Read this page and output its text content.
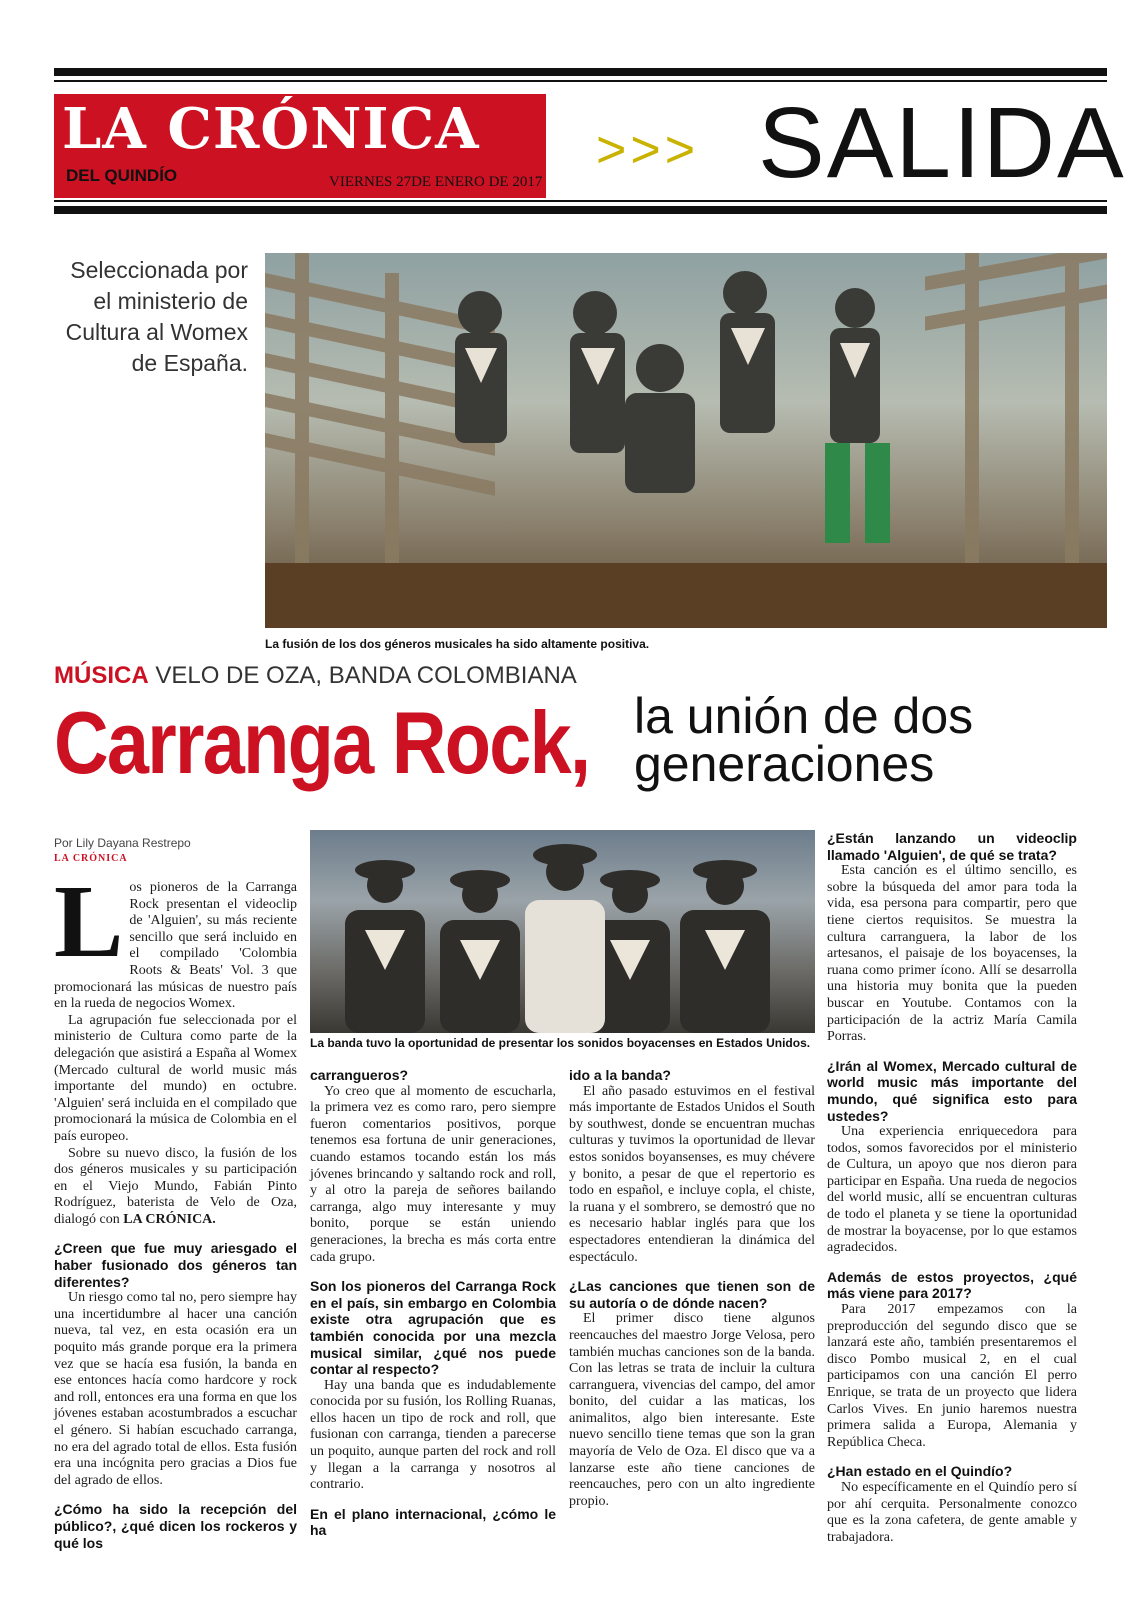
LA CRÓNICA
DEL QUINDÍO	VIERNES 27DE ENERO DE 2017
>>> SALIDA
Seleccionada por el ministerio de Cultura al Womex de España.
La fusión de los dos géneros musicales ha sido altamente positiva.
MÚSICA VELO DE OZA, BANDA COLOMBIANA
Carranga Rock, la unión de dos
generaciones
Por Lily Dayana Restrepo
LA CRÓNICA

Los pioneros de la Carranga Rock presentan el videoclip de 'Alguien', su más reciente sencillo que será incluido en el compilado 'Colombia Roots & Beats' Vol. 3 que promocionará las músicas de nuestro país en la rueda de negocios Womex.

La agrupación fue seleccionada por el ministerio de Cultura como parte de la delegación que asistirá a España al Womex (Mercado cultural de world music más importante del mundo) en octubre. 'Alguien' será incluida en el compilado que promocionará la música de Colombia en el país europeo.

Sobre su nuevo disco, la fusión de los dos géneros musicales y su participación en el Viejo Mundo, Fabián Pinto Rodríguez, baterista de Velo de Oza, dialogó con LA CRÓNICA.

¿Creen que fue muy ariesgado el haber fusionado dos géneros tan diferentes?

Un riesgo como tal no, pero siempre hay una incertidumbre al hacer una canción nueva, tal vez, en esta ocasión era un poquito más grande porque era la primera vez que se hacía esa fusión, la banda en ese entonces hacía como hardcore y rock and roll, entonces era una forma en que los jóvenes estaban acostumbrados a escuchar el género. Si habían escuchado carranga, no era del agrado total de ellos. Esta fusión era una incógnita pero gracias a Dios fue del agrado de ellos.

¿Cómo ha sido la recepción del público?, ¿qué dicen los rockeros y qué los

La banda tuvo la oportunidad de presentar los sonidos boyacenses en Estados Unidos.

carrangueros?

Yo creo que al momento de escucharla, la primera vez es como raro, pero siempre fueron comentarios positivos, porque tenemos esa fortuna de unir generaciones, cuando estamos tocando están los más jóvenes brincando y saltando rock and roll, y al otro la pareja de señores bailando carranga, algo muy interesante y muy bonito, porque se están uniendo generaciones, la brecha es más corta entre cada grupo.

Son los pioneros del Carranga Rock en el país, sin embargo en Colombia existe otra agrupación que es también conocida por una mezcla musical similar, ¿qué nos puede contar al respecto?

Hay una banda que es indudablemente conocida por su fusión, los Rolling Ruanas, ellos hacen un tipo de rock and roll, que fusionan con carranga, tienden a parecerse un poquito, aunque parten del rock and roll y llegan a la carranga y nosotros al contrario.

En el plano internacional, ¿cómo le ha

ido a la banda?

El año pasado estuvimos en el festival más importante de Estados Unidos el South by southwest, donde se encuentran muchas culturas y tuvimos la oportunidad de llevar estos sonidos boyansenses, es muy chévere y bonito, a pesar de que el repertorio es todo en español, e incluye copla, el chiste, la ruana y el sombrero, se demostró que no es necesario hablar inglés para que los espectadores entendieran la dinámica del espectáculo.

¿Las canciones que tienen son de su autoría o de dónde nacen?

El primer disco tiene algunos reencauches del maestro Jorge Velosa, pero también muchas canciones son de la banda. Con las letras se trata de incluir la cultura carranguera, vivencias del campo, del amor bonito, del cuidar a las maticas, los animalitos, algo bien interesante. Este nuevo sencillo tiene temas que son la gran mayoría de Velo de Oza. El disco que va a lanzarse este año tiene canciones de reencauches, pero con un alto ingrediente propio.

¿Están lanzando un videoclip llamado 'Alguien', de qué se trata?

Esta canción es el último sencillo, es sobre la búsqueda del amor para toda la vida, esa persona para compartir, pero que tiene ciertos requisitos. Se muestra la cultura carranguera, la labor de los artesanos, el paisaje de los boyacenses, la ruana como primer ícono. Allí se desarrolla una historia muy bonita que la pueden buscar en Youtube. Contamos con la participación de la actriz María Camila Porras.

¿Irán al Womex, Mercado cultural de world music más importante del mundo, qué significa esto para ustedes?

Una experiencia enriquecedora para todos, somos favorecidos por el ministerio de Cultura, un apoyo que nos dieron para participar en España. Una rueda de negocios del world music, allí se encuentran culturas de todo el planeta y se tiene la oportunidad de mostrar la boyacense, por lo que estamos agradecidos.

Además de estos proyectos, ¿qué más viene para 2017?

Para 2017 empezamos con la preproducción del segundo disco que se lanzará este año, también presentaremos el disco Pombo musical 2, en el cual participamos con una canción El perro Enrique, se trata de un proyecto que lidera Carlos Vives. En junio haremos nuestra primera salida a Europa, Alemania y República Checa.

¿Han estado en el Quindío?

No específicamente en el Quindío pero sí por ahí cerquita. Personalmente conozco que es la zona cafetera, de gente amable y trabajadora.
